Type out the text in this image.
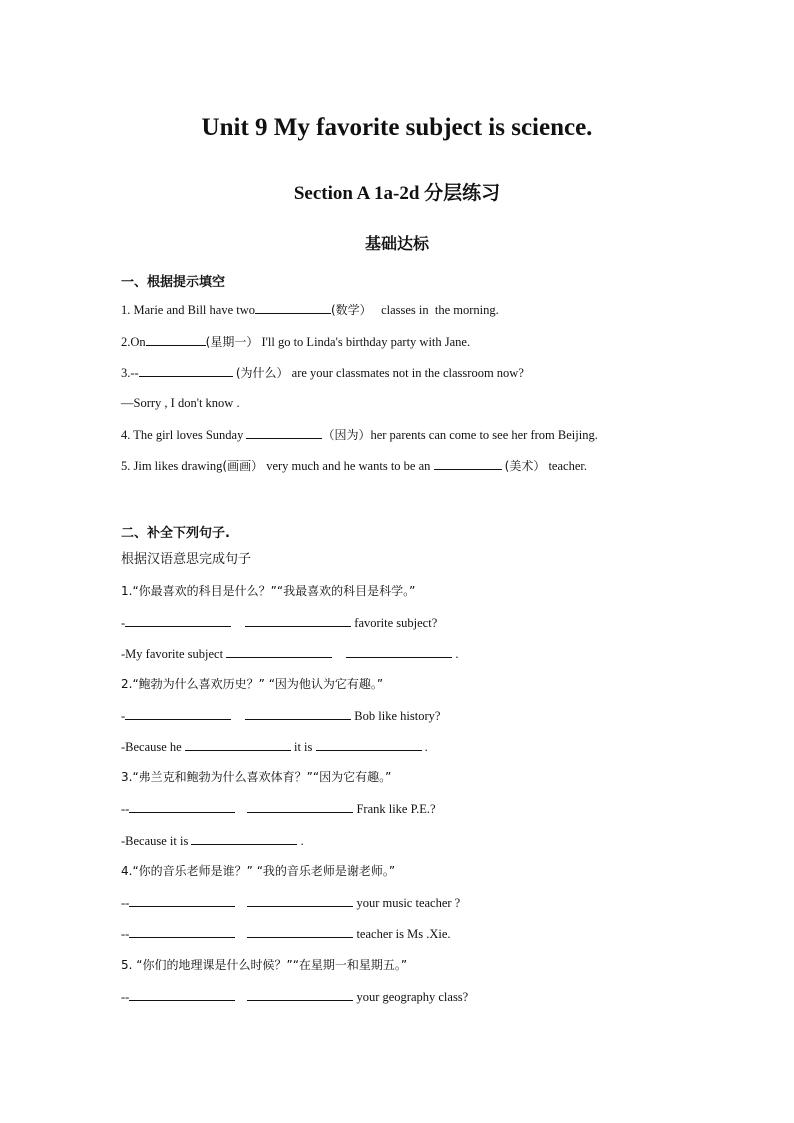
Unit 9 My favorite subject is science.
Section A 1a-2d 分层练习
基础达标
一、根据提示填空
1. Marie and Bill have two	(数学）   classes in  the morning.
2.On	(星期一） I'll go to Linda's birthday party with Jane.
3.--	(为什么） are your classmates not in the classroom now?
—Sorry , I don't know .
4. The girl loves Sunday	（因为）her parents can come to see her from Beijing.
5. Jim likes drawing(画画） very much and he wants to be an	(美术） teacher.
二、补全下列句子.
根据汉语意思完成句子
1.“你最喜欢的科目是什么？”“我最喜欢的科目是科学。”
-	favorite subject?
-My favorite subject	.
2.“鲍勃为什么喜欢历史？” “因为他认为它有趣。”
-	Bob like history?
-Because he	it is	.
3.“弗兰克和鲍勃为什么喜欢体育？”“因为它有趣。”
--	Frank like P.E.?
-Because it is	.
4.“你的音乐老师是谁？” “我的音乐老师是谢老师。”
--	your music teacher ?
--	teacher is Ms .Xie.
5. “你们的地理课是什么时候？”“在星期一和星期五。”
--	your geography class?
